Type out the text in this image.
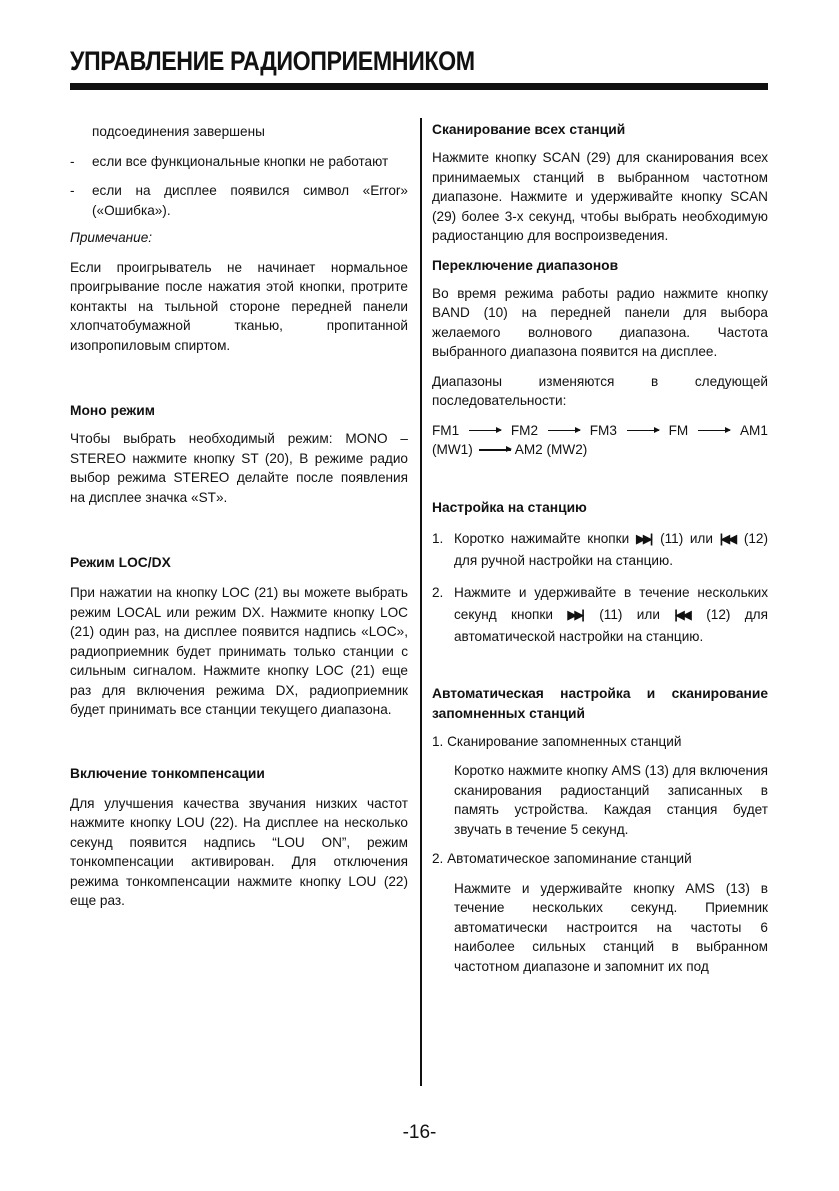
УПРАВЛЕНИЕ РАДИОПРИЕМНИКОМ

подсоединения завершены

- если все функциональные кнопки не работают
- если на дисплее появился символ «Error» («Ошибка»).

Примечание:

Если проигрыватель не начинает нормальное проигрывание после нажатия этой кнопки, протрите контакты на тыльной стороне передней панели хлопчатобумажной тканью, пропитанной изопропиловым спиртом.

Моно режим

Чтобы выбрать необходимый режим: MONO – STEREO нажмите кнопку ST (20), В режиме радио выбор режима STEREO делайте после появления на дисплее значка «ST».

Режим LOC/DX

При нажатии на кнопку LOC (21) вы можете выбрать режим LOCAL или режим DX. Нажмите кнопку LOC (21) один раз, на дисплее появится надпись «LOC», радиоприемник будет принимать только станции с сильным сигналом. Нажмите кнопку LOC (21) еще раз для включения режима DX, радиоприемник будет принимать все станции текущего диапазона.

Включение тонкомпенсации

Для улучшения качества звучания низких частот нажмите кнопку LOU (22). На дисплее на несколько секунд появится надпись “LOU ON”, режим тонкомпенсации активирован. Для отключения режима тонкомпенсации нажмите кнопку LOU (22) еще раз.

Сканирование всех станций

Нажмите кнопку SCAN (29) для сканирования всех принимаемых станций в выбранном частотном диапазоне. Нажмите и удерживайте кнопку SCAN (29) более 3-х секунд, чтобы выбрать необходимую радиостанцию для воспроизведения.

Переключение диапазонов

Во время режима работы радио нажмите кнопку BAND (10) на передней панели для выбора желаемого волнового диапазона. Частота выбранного диапазона появится на дисплее.

Диапазоны изменяются в следующей последовательности:

FM1	FM2	FM3	FM	AM1
(MW1)	AM2 (MW2)

Настройка на станцию

1. Коротко нажимайте кнопки ▶▶| (11) или |◀◀ (12) для ручной настройки на станцию.
2. Нажмите и удерживайте в течение нескольких секунд кнопки ▶▶| (11) или |◀◀ (12) для автоматической настройки на станцию.

Автоматическая настройка и сканирование запомненных станций

1. Сканирование запомненных станций

Коротко нажмите кнопку AMS (13) для включения сканирования радиостанций записанных в память устройства. Каждая станция будет звучать в течение 5 секунд.

2. Автоматическое запоминание станций

Нажмите и удерживайте кнопку AMS (13) в течение нескольких секунд. Приемник автоматически настроится на частоты 6 наиболее сильных станций в выбранном частотном диапазоне и запомнит их под

-16-
